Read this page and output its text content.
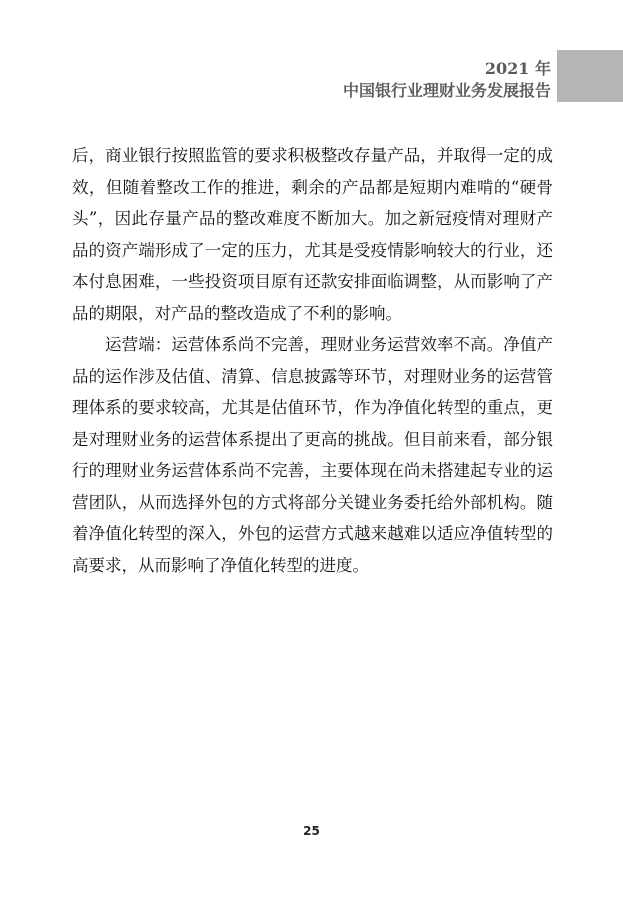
2021 年
中国银行业理财业务发展报告

后，商业银行按照监管的要求积极整改存量产品，并取得一定的成效，但随着整改工作的推进，剩余的产品都是短期内难啃的“硬骨头”，因此存量产品的整改难度不断加大。加之新冠疫情对理财产品的资产端形成了一定的压力，尤其是受疫情影响较大的行业，还本付息困难，一些投资项目原有还款安排面临调整，从而影响了产品的期限，对产品的整改造成了不利的影响。

运营端：运营体系尚不完善，理财业务运营效率不高。净值产品的运作涉及估值、清算、信息披露等环节，对理财业务的运营管理体系的要求较高，尤其是估值环节，作为净值化转型的重点，更是对理财业务的运营体系提出了更高的挑战。但目前来看，部分银行的理财业务运营体系尚不完善，主要体现在尚未搭建起专业的运营团队，从而选择外包的方式将部分关键业务委托给外部机构。随着净值化转型的深入，外包的运营方式越来越难以适应净值转型的高要求，从而影响了净值化转型的进度。

25
